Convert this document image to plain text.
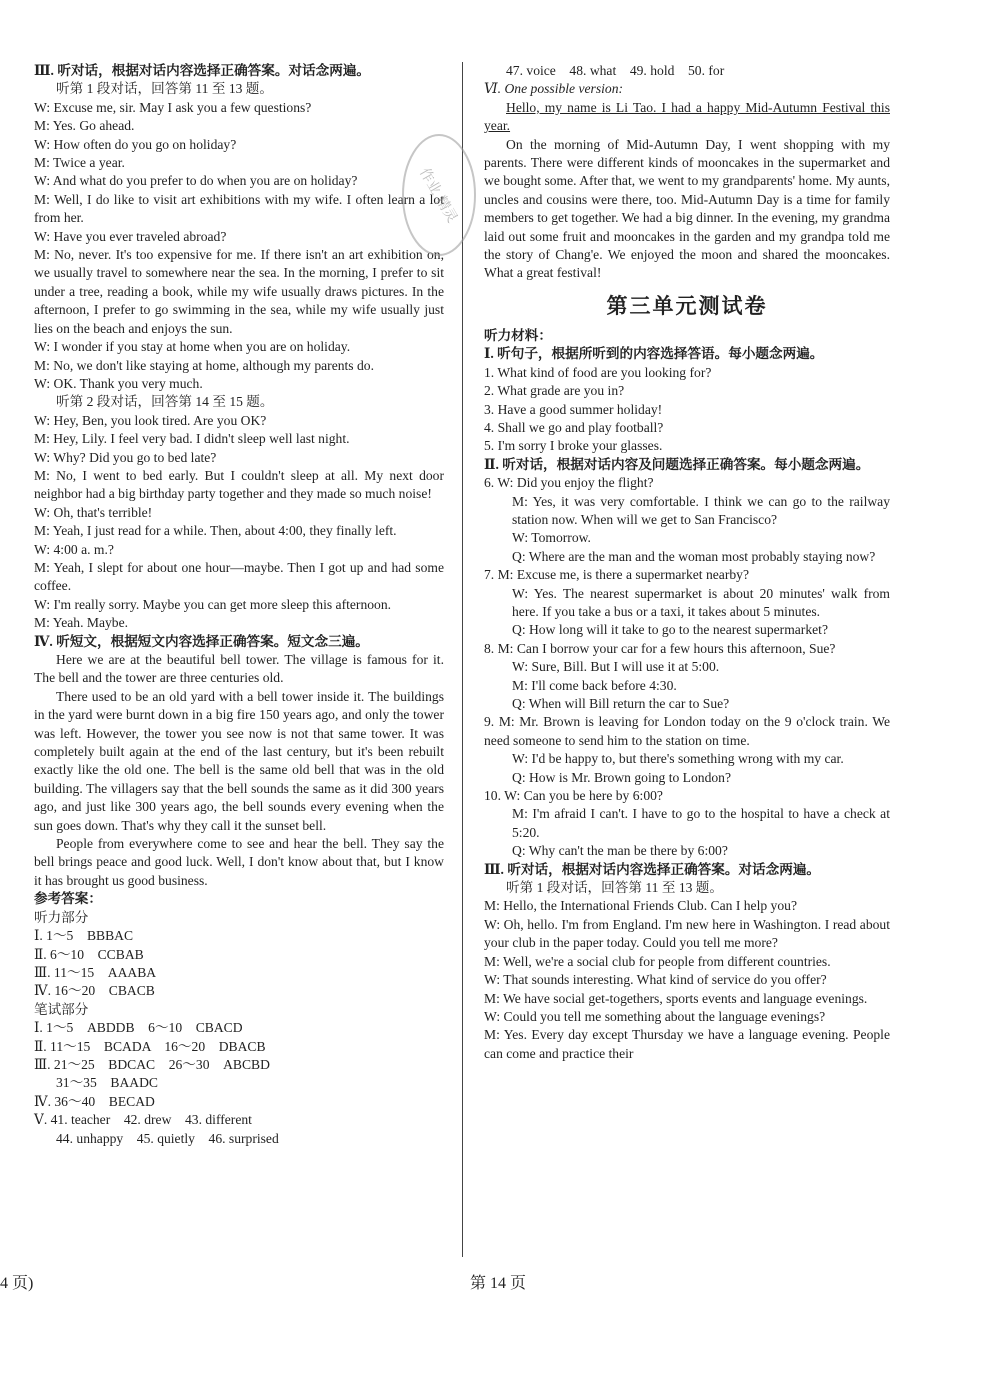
Ⅲ. 听对话，根据对话内容选择正确答案。对话念两遍。
听第 1 段对话，回答第 11 至 13 题。
W: Excuse me, sir. May I ask you a few questions?
M: Yes. Go ahead.
W: How often do you go on holiday?
M: Twice a year.
W: And what do you prefer to do when you are on holiday?
M: Well, I do like to visit art exhibitions with my wife. I often learn a lot from her.
W: Have you ever traveled abroad?
M: No, never. It's too expensive for me. If there isn't an art exhibition on, we usually travel to somewhere near the sea. In the morning, I prefer to sit under a tree, reading a book, while my wife usually draws pictures. In the afternoon, I prefer to go swimming in the sea, while my wife usually just lies on the beach and enjoys the sun.
W: I wonder if you stay at home when you are on holiday.
M: No, we don't like staying at home, although my parents do.
W: OK. Thank you very much.
听第 2 段对话，回答第 14 至 15 题。
W: Hey, Ben, you look tired. Are you OK?
M: Hey, Lily. I feel very bad. I didn't sleep well last night.
W: Why? Did you go to bed late?
M: No, I went to bed early. But I couldn't sleep at all. My next door neighbor had a big birthday party together and they made so much noise!
W: Oh, that's terrible!
M: Yeah, I just read for a while. Then, about 4:00, they finally left.
W: 4:00 a. m.?
M: Yeah, I slept for about one hour—maybe. Then I got up and had some coffee.
W: I'm really sorry. Maybe you can get more sleep this afternoon.
M: Yeah. Maybe.
Ⅳ. 听短文，根据短文内容选择正确答案。短文念三遍。
Here we are at the beautiful bell tower. The village is famous for it. The bell and the tower are three centuries old.
There used to be an old yard with a bell tower inside it. The buildings in the yard were burnt down in a big fire 150 years ago, and only the tower was left. However, the tower you see now is not that same tower. It was completely built again at the end of the last century, but it's been rebuilt exactly like the old one. The bell is the same old bell that was in the old building. The villagers say that the bell sounds the same as it did 300 years ago, and just like 300 years ago, the bell sounds every evening when the sun goes down. That's why they call it the sunset bell.
People from everywhere come to see and hear the bell. They say the bell brings peace and good luck. Well, I don't know about that, but I know it has brought us good business.
参考答案：
听力部分
Ⅰ. 1～5　BBBAC
Ⅱ. 6～10　CCBAB
Ⅲ. 11～15　AAABA
Ⅳ. 16～20　CBACB
笔试部分
Ⅰ. 1～5　ABDDB　6～10　CBACD
Ⅱ. 11～15　BCADA　16～20　DBACB
Ⅲ. 21～25　BDCAC　26～30　ABCBD
31～35　BAADC
Ⅳ. 36～40　BECAD
Ⅴ. 41. teacher　42. drew　43. different
44. unhappy　45. quietly　46. surprised
47. voice　48. what　49. hold　50. for
Ⅵ. One possible version:
Hello, my name is Li Tao. I had a happy Mid-Autumn Festival this year.
On the morning of Mid-Autumn Day, I went shopping with my parents. There were different kinds of mooncakes in the supermarket and we bought some. After that, we went to my grandparents' home. My aunts, uncles and cousins were there, too. Mid-Autumn Day is a time for family members to get together. We had a big dinner. In the evening, my grandma laid out some fruit and mooncakes in the garden and my grandpa told me the story of Chang'e. We enjoyed the moon and shared the mooncakes. What a great festival!
第三单元测试卷
听力材料：
Ⅰ. 听句子，根据所听到的内容选择答语。每小题念两遍。
1. What kind of food are you looking for?
2. What grade are you in?
3. Have a good summer holiday!
4. Shall we go and play football?
5. I'm sorry I broke your glasses.
Ⅱ. 听对话，根据对话内容及问题选择正确答案。每小题念两遍。
6. W: Did you enjoy the flight?
M: Yes, it was very comfortable. I think we can go to the railway station now. When will we get to San Francisco?
W: Tomorrow.
Q: Where are the man and the woman most probably staying now?
7. M: Excuse me, is there a supermarket nearby?
W: Yes. The nearest supermarket is about 20 minutes' walk from here. If you take a bus or a taxi, it takes about 5 minutes.
Q: How long will it take to go to the nearest supermarket?
8. M: Can I borrow your car for a few hours this afternoon, Sue?
W: Sure, Bill. But I will use it at 5:00.
M: I'll come back before 4:30.
Q: When will Bill return the car to Sue?
9. M: Mr. Brown is leaving for London today on the 9 o'clock train. We need someone to send him to the station on time.
W: I'd be happy to, but there's something wrong with my car.
Q: How is Mr. Brown going to London?
10. W: Can you be here by 6:00?
M: I'm afraid I can't. I have to go to the hospital to have a check at 5:20.
Q: Why can't the man be there by 6:00?
Ⅲ. 听对话，根据对话内容选择正确答案。对话念两遍。
听第 1 段对话，回答第 11 至 13 题。
M: Hello, the International Friends Club. Can I help you?
W: Oh, hello. I'm from England. I'm new here in Washington. I read about your club in the paper today. Could you tell me more?
M: Well, we're a social club for people from different countries.
W: That sounds interesting. What kind of service do you offer?
M: We have social get-togethers, sports events and language evenings.
W: Could you tell me something about the language evenings?
M: Yes. Every day except Thursday we have a language evening. People can come and practice their
作业 精灵
4 页)	第 14 页
